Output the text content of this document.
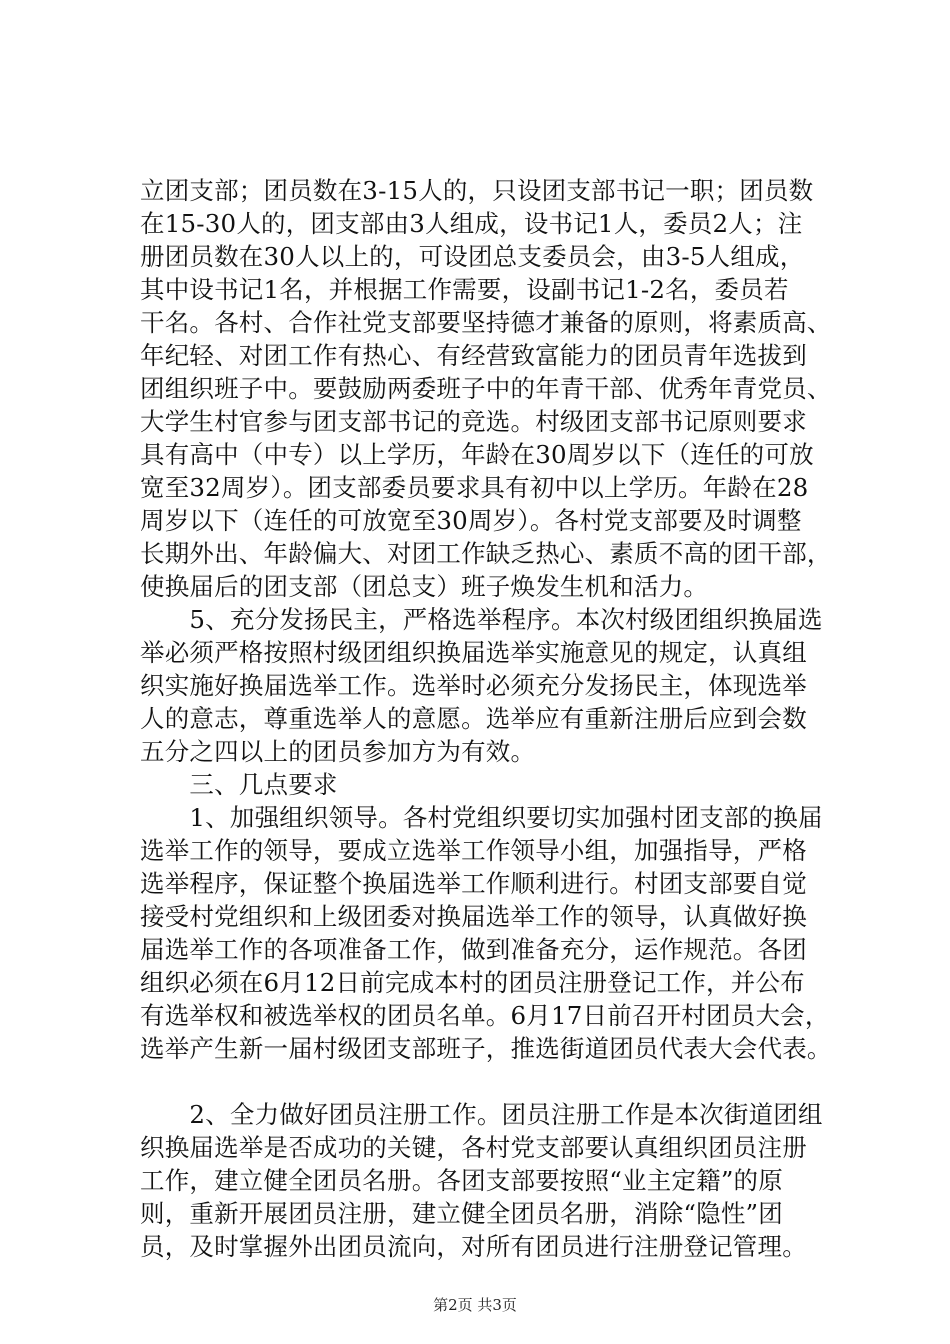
立团支部；团员数在3-15人的，只设团支部书记一职；团员数
在15-30人的，团支部由3人组成，设书记1人，委员2人；注
册团员数在30人以上的，可设团总支委员会，由3-5人组成，
其中设书记1名，并根据工作需要，设副书记1-2名，委员若
干名。各村、合作社党支部要坚持德才兼备的原则，将素质高、
年纪轻、对团工作有热心、有经营致富能力的团员青年选拔到
团组织班子中。要鼓励两委班子中的年青干部、优秀年青党员、
大学生村官参与团支部书记的竞选。村级团支部书记原则要求
具有高中（中专）以上学历，年龄在30周岁以下（连任的可放
宽至32周岁）。团支部委员要求具有初中以上学历。年龄在28
周岁以下（连任的可放宽至30周岁）。各村党支部要及时调整
长期外出、年龄偏大、对团工作缺乏热心、素质不高的团干部，
使换届后的团支部（团总支）班子焕发生机和活力。
　　5、充分发扬民主，严格选举程序。本次村级团组织换届选
举必须严格按照村级团组织换届选举实施意见的规定，认真组
织实施好换届选举工作。选举时必须充分发扬民主，体现选举
人的意志，尊重选举人的意愿。选举应有重新注册后应到会数
五分之四以上的团员参加方为有效。
　　三、几点要求
　　1、加强组织领导。各村党组织要切实加强村团支部的换届
选举工作的领导，要成立选举工作领导小组，加强指导，严格
选举程序，保证整个换届选举工作顺利进行。村团支部要自觉
接受村党组织和上级团委对换届选举工作的领导，认真做好换
届选举工作的各项准备工作，做到准备充分，运作规范。各团
组织必须在6月12日前完成本村的团员注册登记工作，并公布
有选举权和被选举权的团员名单。6月17日前召开村团员大会，
选举产生新一届村级团支部班子，推选街道团员代表大会代表。
　　2、全力做好团员注册工作。团员注册工作是本次街道团组
织换届选举是否成功的关键，各村党支部要认真组织团员注册
工作，建立健全团员名册。各团支部要按照“业主定籍”的原
则，重新开展团员注册，建立健全团员名册，消除“隐性”团
员，及时掌握外出团员流向，对所有团员进行注册登记管理。
第2页 共3页
